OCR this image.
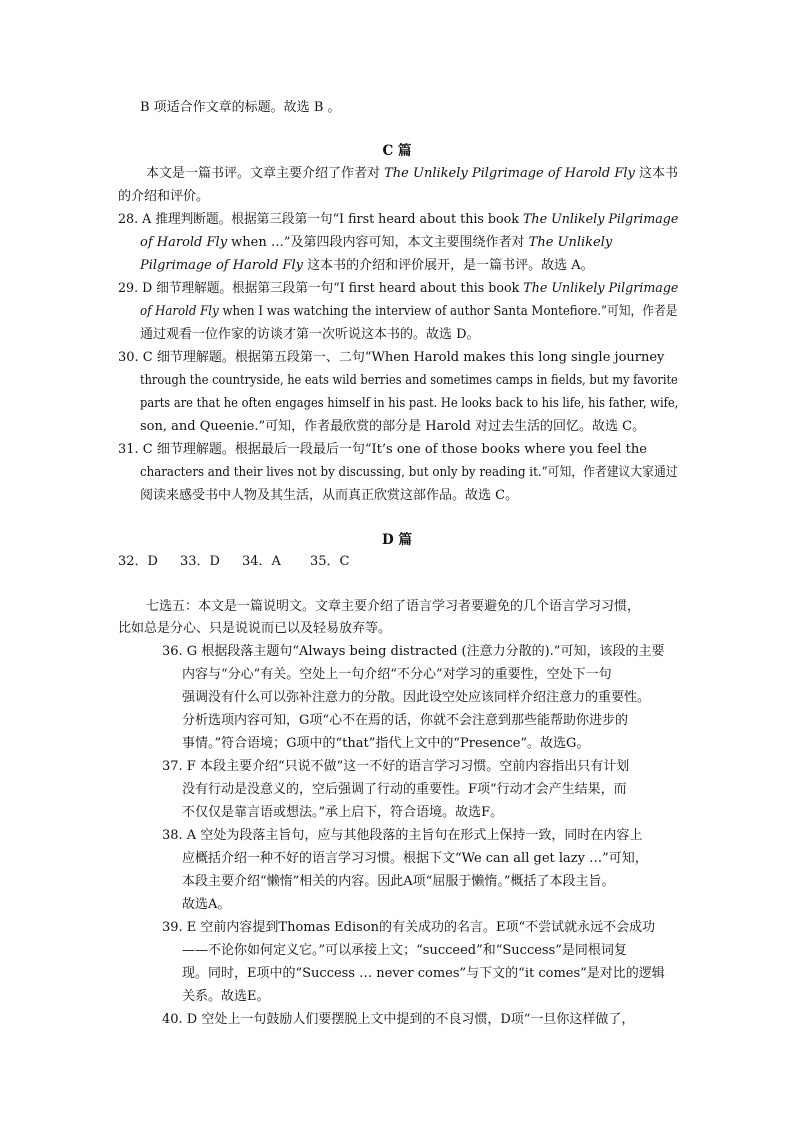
B 项适合作文章的标题。故选 B 。
C 篇
本文是一篇书评。文章主要介绍了作者对 The Unlikely Pilgrimage of Harold Fly 这本书
的介绍和评价。
28. A 推理判断题。根据第三段第一句“I first heard about this book The Unlikely Pilgrimage
of Harold Fly when …”及第四段内容可知，本文主要围绕作者对 The Unlikely
Pilgrimage of Harold Fly 这本书的介绍和评价展开，是一篇书评。故选 A。
29. D 细节理解题。根据第三段第一句“I first heard about this book The Unlikely Pilgrimage
of Harold Fly when I was watching the interview of author Santa Montefiore.”可知，作者是
通过观看一位作家的访谈才第一次听说这本书的。故选 D。
30. C 细节理解题。根据第五段第一、二句“When Harold makes this long single journey
through the countryside, he eats wild berries and sometimes camps in fields, but my favorite
parts are that he often engages himself in his past. He looks back to his life, his father, wife,
son, and Queenie.”可知，作者最欣赏的部分是 Harold 对过去生活的回忆。故选 C。
31. C 细节理解题。根据最后一段最后一句“It’s one of those books where you feel the
characters and their lives not by discussing, but only by reading it.”可知，作者建议大家通过
阅读来感受书中人物及其生活，从而真正欣赏这部作品。故选 C。
D 篇
32．D 33．D 34．A 35．C
七选五：本文是一篇说明文。文章主要介绍了语言学习者要避免的几个语言学习习惯，
比如总是分心、只是说说而已以及轻易放弃等。
36. G 根据段落主题句“Always being distracted (注意力分散的).”可知，该段的主要
内容与“分心”有关。空处上一句介绍“不分心”对学习的重要性，空处下一句
强调没有什么可以弥补注意力的分散。因此设空处应该同样介绍注意力的重要性。
分析选项内容可知，G项“心不在焉的话，你就不会注意到那些能帮助你进步的
事情。”符合语境；G项中的“that”指代上文中的“Presence”。故选G。
37. F 本段主要介绍“只说不做”这一不好的语言学习习惯。空前内容指出只有计划
没有行动是没意义的，空后强调了行动的重要性。F项“行动才会产生结果，而
不仅仅是靠言语或想法。”承上启下，符合语境。故选F。
38. A 空处为段落主旨句，应与其他段落的主旨句在形式上保持一致，同时在内容上
应概括介绍一种不好的语言学习习惯。根据下文“We can all get lazy …”可知，
本段主要介绍“懒惰”相关的内容。因此A项“屈服于懒惰。”概括了本段主旨。
故选A。
39. E 空前内容提到Thomas Edison的有关成功的名言。E项“不尝试就永远不会成功
——不论你如何定义它。”可以承接上文；“succeed”和“Success”是同根词复
现。同时，E项中的“Success … never comes”与下文的“it comes”是对比的逻辑
关系。故选E。
40. D 空处上一句鼓励人们要摆脱上文中提到的不良习惯，D项“一旦你这样做了，
